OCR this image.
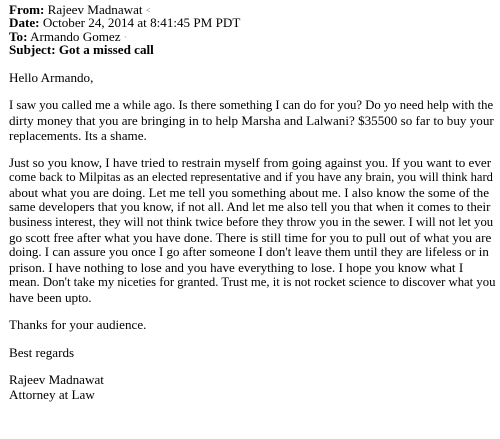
From: Rajeev Madnawat <
Date: October 24, 2014 at 8:41:45 PM PDT
To: Armando Gomez ·
Subject: Got a missed call
Hello Armando,
I saw you called me a while ago. Is there something I can do for you? Do yo need help with the
dirty money that you are bringing in to help Marsha and Lalwani? $35500 so far to buy your
replacements. Its a shame.
Just so you know, I have tried to restrain myself from going against you. If you want to ever
come back to Milpitas as an elected representative and if you have any brain, you will think hard
about what you are doing. Let me tell you something about me. I also know the some of the
same developers that you know, if not all. And let me also tell you that when it comes to their
business interest, they will not think twice before they throw you in the sewer. I will not let you
go scott free after what you have done. There is still time for you to pull out of what you are
doing. I can assure you once I go after someone I don't leave them until they are lifeless or in
prison. I have nothing to lose and you have everything to lose. I hope you know what I
mean. Don't take my niceties for granted. Trust me, it is not rocket science to discover what you
have been upto.
Thanks for your audience.
Best regards
Rajeev Madnawat
Attorney at Law
